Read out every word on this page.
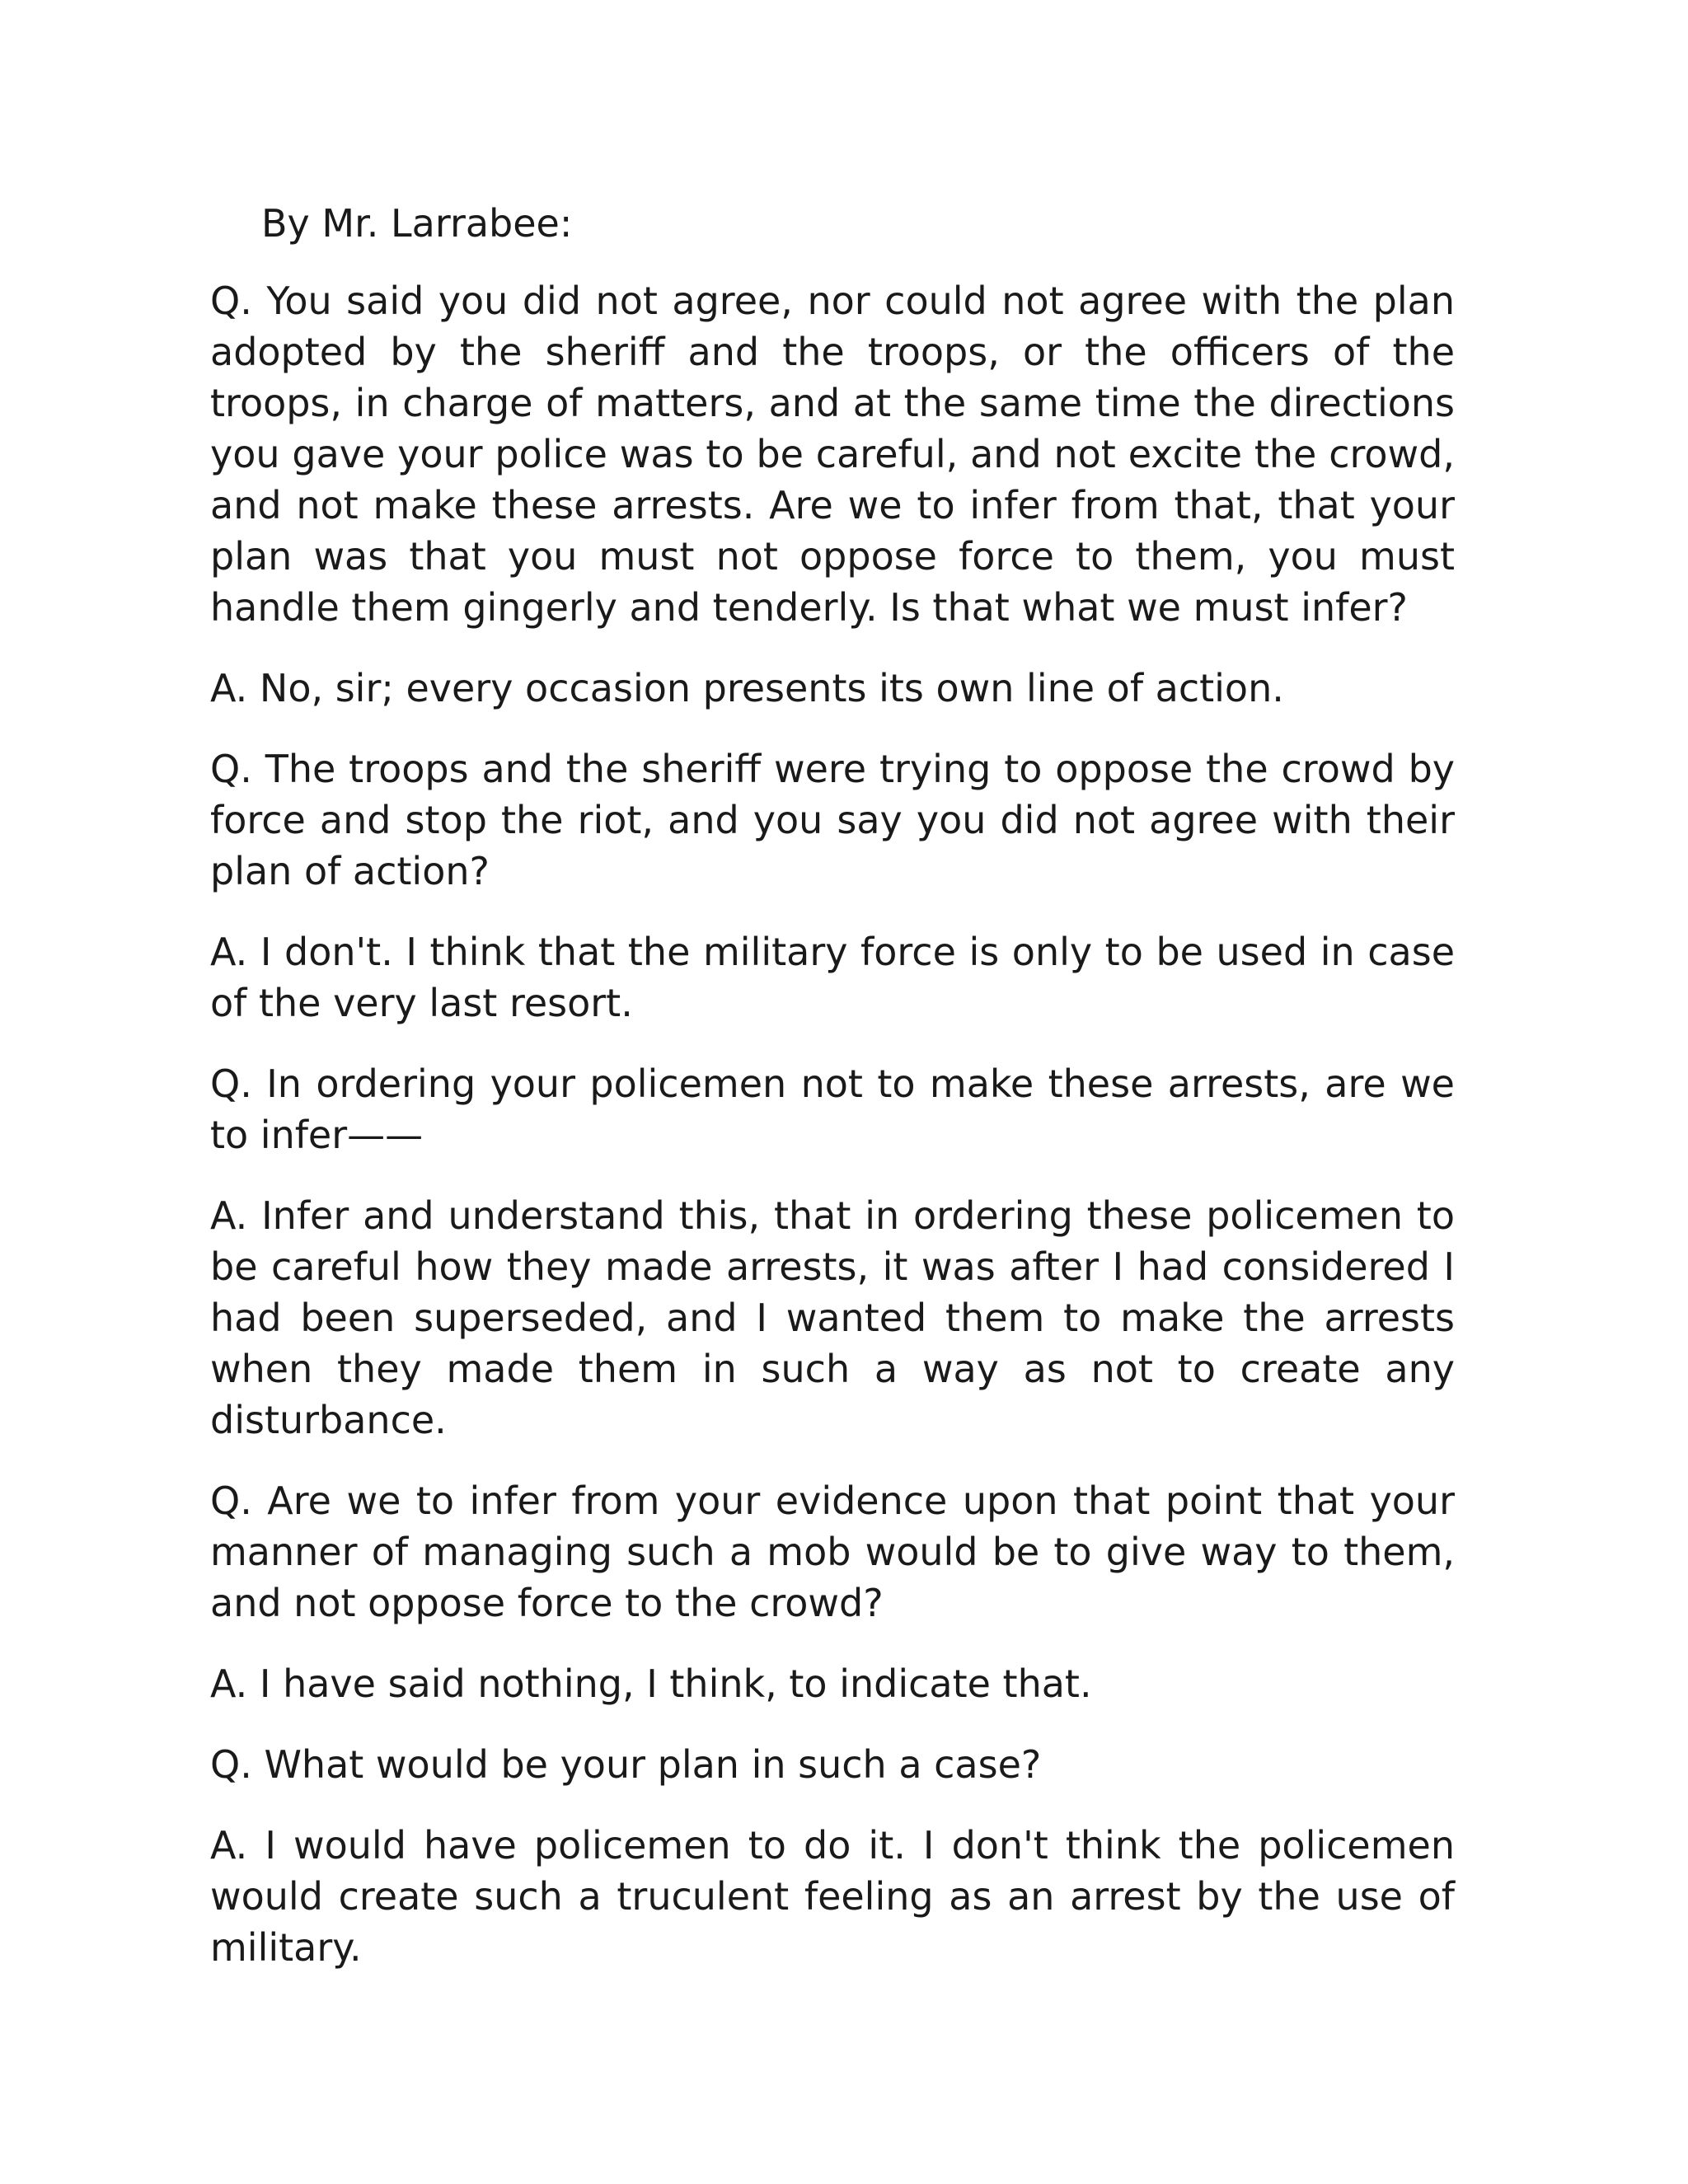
By Mr. Larrabee:

Q. You said you did not agree, nor could not agree with the plan adopted by the sheriff and the troops, or the officers of the troops, in charge of matters, and at the same time the directions you gave your police was to be careful, and not excite the crowd, and not make these arrests. Are we to infer from that, that your plan was that you must not oppose force to them, you must handle them gingerly and tenderly. Is that what we must infer?

A. No, sir; every occasion presents its own line of action.

Q. The troops and the sheriff were trying to oppose the crowd by force and stop the riot, and you say you did not agree with their plan of action?

A. I don't. I think that the military force is only to be used in case of the very last resort.

Q. In ordering your policemen not to make these arrests, are we to infer——

A. Infer and understand this, that in ordering these policemen to be careful how they made arrests, it was after I had considered I had been superseded, and I wanted them to make the arrests when they made them in such a way as not to create any disturbance.

Q. Are we to infer from your evidence upon that point that your manner of managing such a mob would be to give way to them, and not oppose force to the crowd?

A. I have said nothing, I think, to indicate that.

Q. What would be your plan in such a case?

A. I would have policemen to do it. I don't think the policemen would create such a truculent feeling as an arrest by the use of military.
